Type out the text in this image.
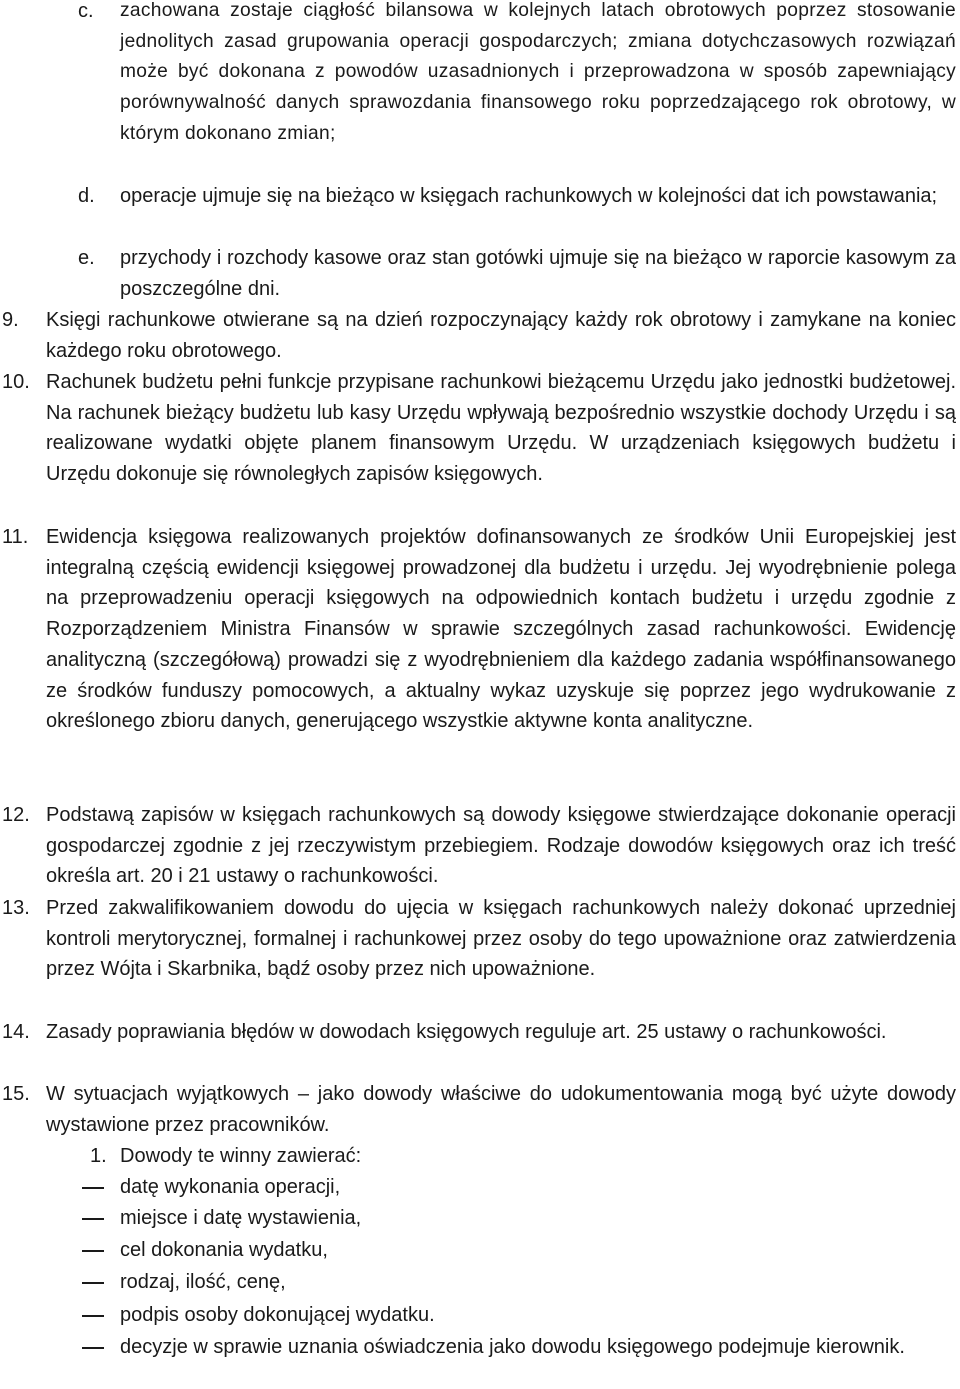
c. zachowana zostaje ciągłość bilansowa w kolejnych latach obrotowych poprzez stosowanie jednolitych zasad grupowania operacji gospodarczych; zmiana dotychczasowych rozwiązań może być dokonana z powodów uzasadnionych i przeprowadzona w sposób zapewniający porównywalność danych sprawozdania finansowego roku poprzedzającego rok obrotowy, w którym dokonano zmian;

d. operacje ujmuje się na bieżąco w księgach rachunkowych w kolejności dat ich powstawania;

e. przychody i rozchody kasowe oraz stan gotówki ujmuje się na bieżąco w raporcie kasowym za poszczególne dni.

9. Księgi rachunkowe otwierane są na dzień rozpoczynający każdy rok obrotowy i zamykane na koniec każdego roku obrotowego.

10. Rachunek budżetu pełni funkcje przypisane rachunkowi bieżącemu Urzędu jako jednostki budżetowej. Na rachunek bieżący budżetu lub kasy Urzędu wpływają bezpośrednio wszystkie dochody Urzędu i są realizowane wydatki objęte planem finansowym Urzędu. W urządzeniach księgowych budżetu i Urzędu dokonuje się równoległych zapisów księgowych.

11. Ewidencja księgowa realizowanych projektów dofinansowanych ze środków Unii Europejskiej jest integralną częścią ewidencji księgowej prowadzonej dla budżetu i urzędu. Jej wyodrębnienie polega na przeprowadzeniu operacji księgowych na odpowiednich kontach budżetu i urzędu zgodnie z Rozporządzeniem Ministra Finansów w sprawie szczególnych zasad rachunkowości. Ewidencję analityczną (szczegółową) prowadzi się z wyodrębnieniem dla każdego zadania współfinansowanego ze środków funduszy pomocowych, a aktualny wykaz uzyskuje się poprzez jego wydrukowanie z określonego zbioru danych, generującego wszystkie aktywne konta analityczne.

12. Podstawą zapisów w księgach rachunkowych są dowody księgowe stwierdzające dokonanie operacji gospodarczej zgodnie z jej rzeczywistym przebiegiem. Rodzaje dowodów księgowych oraz ich treść określa art. 20 i 21 ustawy o rachunkowości.

13. Przed zakwalifikowaniem dowodu do ujęcia w księgach rachunkowych należy dokonać uprzedniej kontroli merytorycznej, formalnej i rachunkowej przez osoby do tego upoważnione oraz zatwierdzenia przez Wójta i Skarbnika, bądź osoby przez nich upoważnione.

14. Zasady poprawiania błędów w dowodach księgowych reguluje art. 25 ustawy o rachunkowości.

15. W sytuacjach wyjątkowych – jako dowody właściwe do udokumentowania mogą być użyte dowody wystawione przez pracowników.

1. Dowody te winny zawierać:

datę wykonania operacji,

miejsce i datę wystawienia,

cel dokonania wydatku,

rodzaj, ilość, cenę,

podpis osoby dokonującej wydatku.

decyzje w sprawie uznania oświadczenia jako dowodu księgowego podejmuje kierownik.
